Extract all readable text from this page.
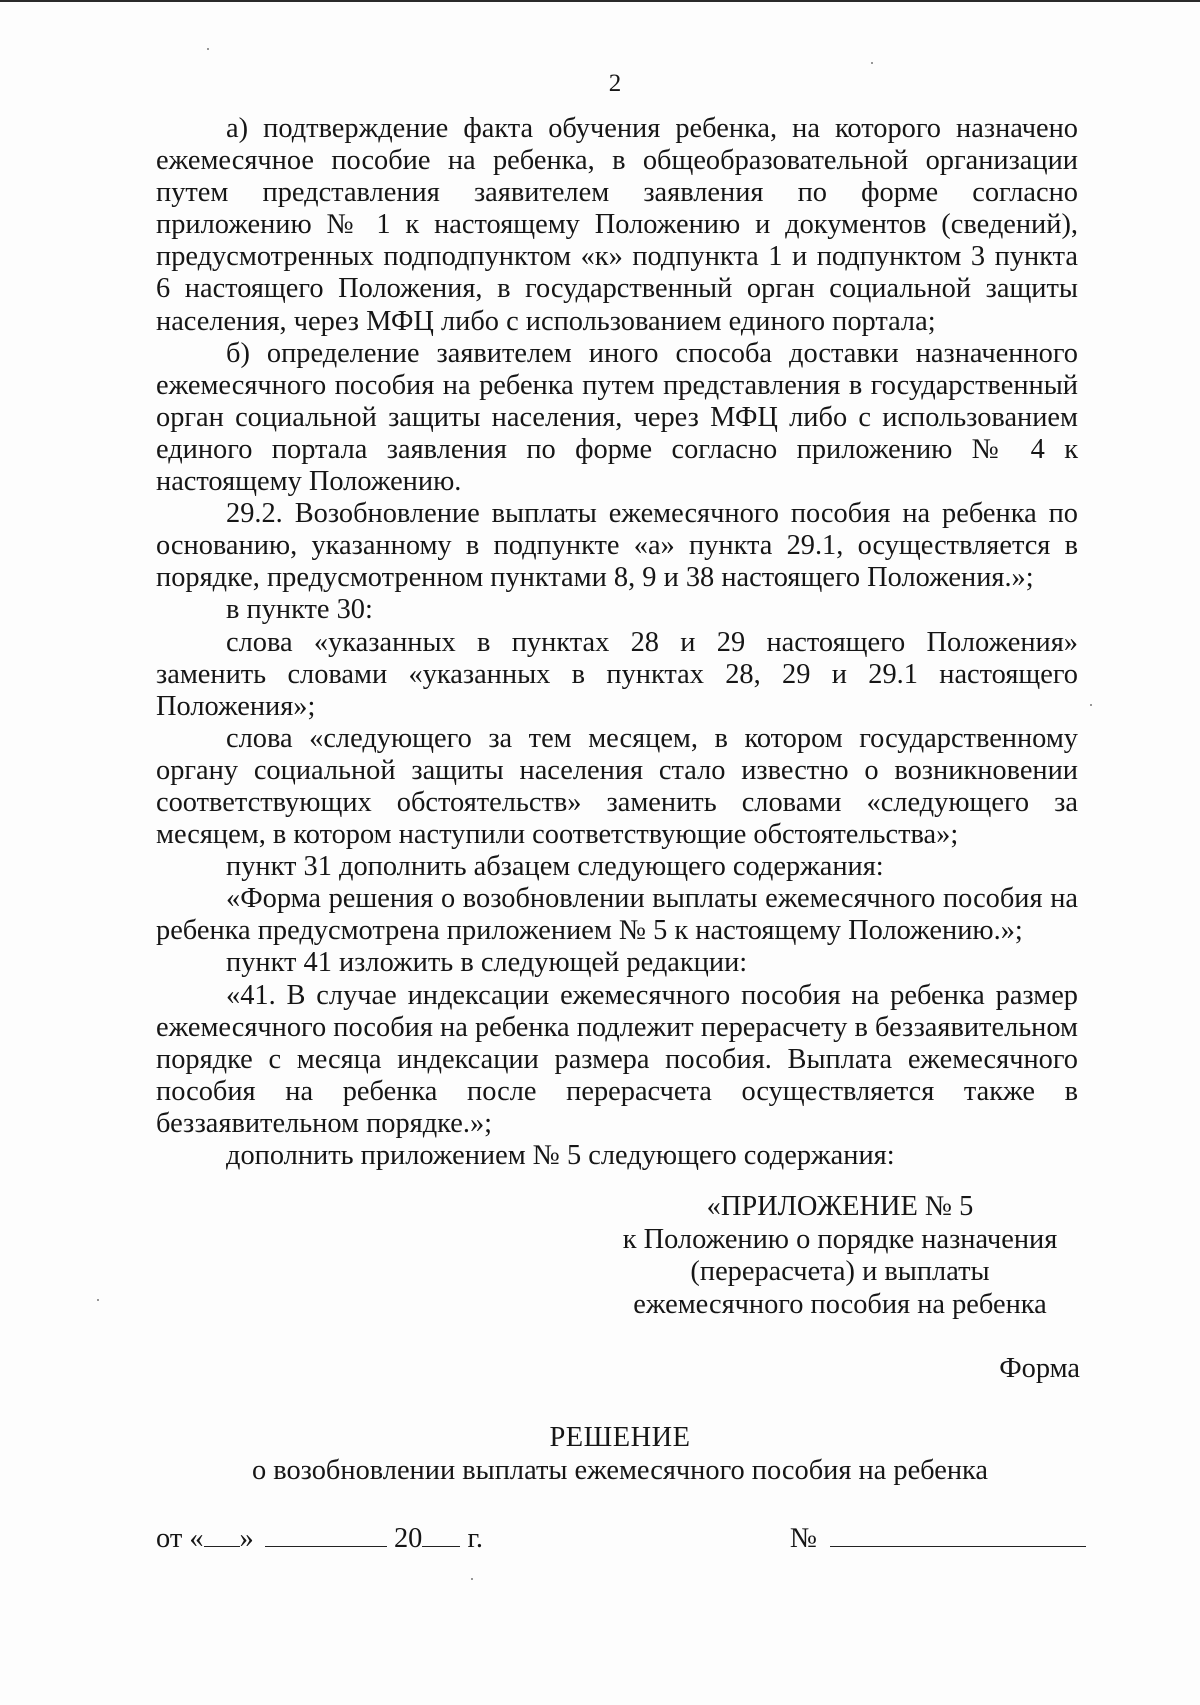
2

а) подтверждение факта обучения ребенка, на которого назначено ежемесячное пособие на ребенка, в общеобразовательной организации путем представления заявителем заявления по форме согласно приложению № 1 к настоящему Положению и документов (сведений), предусмотренных подподпунктом «к» подпункта 1 и подпунктом 3 пункта 6 настоящего Положения, в государственный орган социальной защиты населения, через МФЦ либо с использованием единого портала;

б) определение заявителем иного способа доставки назначенного ежемесячного пособия на ребенка путем представления в государственный орган социальной защиты населения, через МФЦ либо с использованием единого портала заявления по форме согласно приложению № 4 к настоящему Положению.

29.2. Возобновление выплаты ежемесячного пособия на ребенка по основанию, указанному в подпункте «а» пункта 29.1, осуществляется в порядке, предусмотренном пунктами 8, 9 и 38 настоящего Положения.»;

в пункте 30:

слова «указанных в пунктах 28 и 29 настоящего Положения» заменить словами «указанных в пунктах 28, 29 и 29.1 настоящего Положения»;

слова «следующего за тем месяцем, в котором государственному органу социальной защиты населения стало известно о возникновении соответствующих обстоятельств» заменить словами «следующего за месяцем, в котором наступили соответствующие обстоятельства»;

пункт 31 дополнить абзацем следующего содержания:

«Форма решения о возобновлении выплаты ежемесячного пособия на ребенка предусмотрена приложением № 5 к настоящему Положению.»;

пункт 41 изложить в следующей редакции:

«41. В случае индексации ежемесячного пособия на ребенка размер ежемесячного пособия на ребенка подлежит перерасчету в беззаявительном порядке с месяца индексации размера пособия. Выплата ежемесячного пособия на ребенка после перерасчета осуществляется также в беззаявительном порядке.»;

дополнить приложением № 5 следующего содержания:

«ПРИЛОЖЕНИЕ № 5
к Положению о порядке назначения
(перерасчета) и выплаты
ежемесячного пособия на ребенка
Форма
РЕШЕНИЕ
о возобновлении выплаты ежемесячного пособия на ребенка
от « »	20 г.	№
